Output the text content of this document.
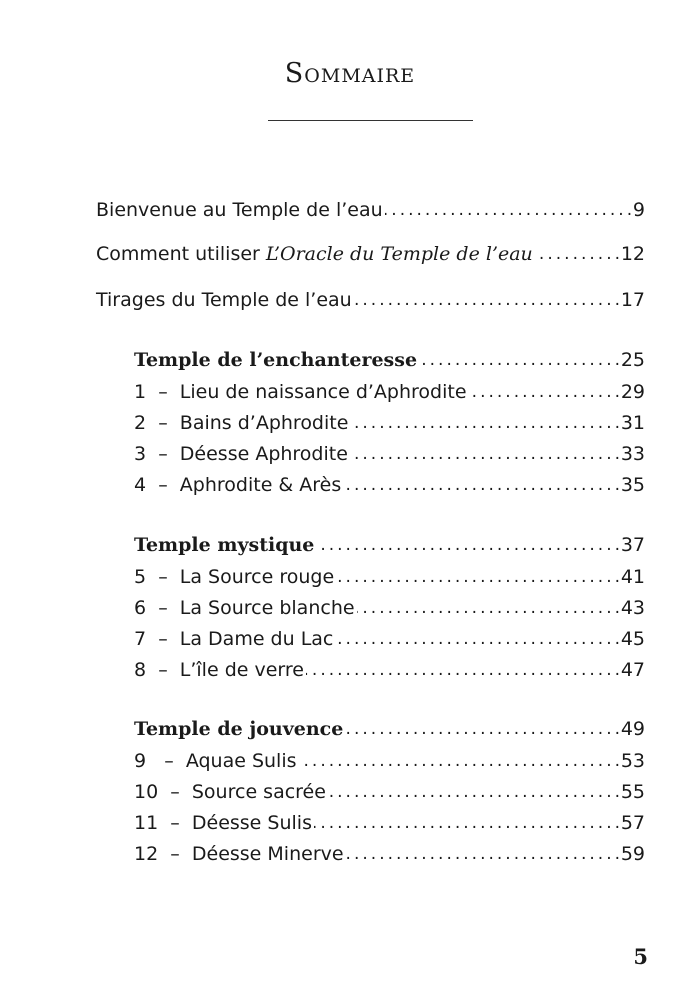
Sommaire
Bienvenue au Temple de l’eau . . .	9
Comment utiliser L’Oracle du Temple de l’eau . . .	12
Tirages du Temple de l’eau . . .	17
Temple de l’enchanteresse . . .	25
1 – Lieu de naissance d’Aphrodite . . .	29
2 – Bains d’Aphrodite . . .	31
3 – Déesse Aphrodite . . .	33
4 – Aphrodite & Arès . . .	35
Temple mystique . . .	37
5 – La Source rouge . . .	41
6 – La Source blanche . . .	43
7 – La Dame du Lac . . .	45
8 – L’île de verre . . .	47
Temple de jouvence . . .	49
9 – Aquae Sulis . . .	53
10 – Source sacrée . . .	55
11 – Déesse Sulis . . .	57
12 – Déesse Minerve . . .	59
5
